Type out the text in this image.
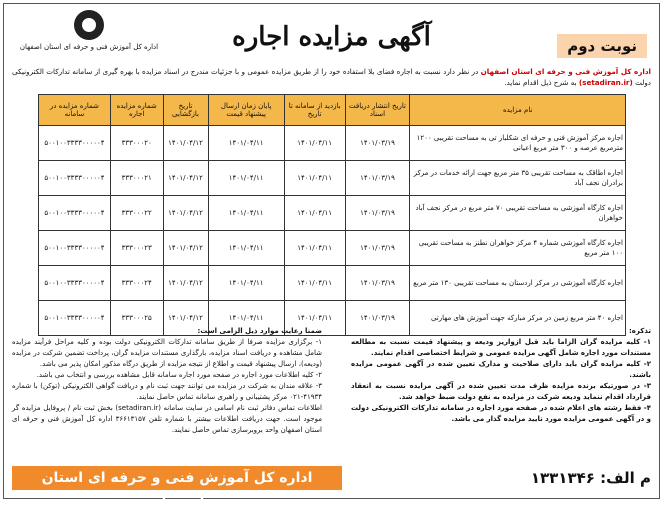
نوبت دوم
آگهی مزایده اجاره
اداره کل آموزش فنی و حرفه ای استان اصفهان
اداره کل آموزش فنی و حرفه ای استان اصفهان در نظر دارد نسبت به اجاره فضای بلا استفاده خود را از طریق مزایده عمومی و با جزئیات مندرج در اسناد مزایده با بهره گیری از سامانه تدارکات الکترونیکی دولت (setadiran.ir) به شرح ذیل اقدام نماید.
نام مزایده	تاریخ انتشار دریافت اسناد	بازدید از سامانه تا تاریخ	پایان زمان ارسال پیشنهاد قیمت	تاریخ بازگشایی	شماره مزایده اجاره	شماره مزایده در سامانه
اجاره مرکز آموزش فنی و حرفه ای شکلبار تی به مساحت تقریبی ۱۲۰۰ مترمربع عرصه و ۳۰۰ متر مربع اعیانی	۱۴۰۱/۰۳/۱۹	۱۴۰۱/۰۴/۱۱	۱۴۰۱/۰۴/۱۱	۱۴۰۱/۰۴/۱۲	۳۳۳۰۰۰۲۰	۵۰۰۱۰۰۳۳۳۳۰۰۰۰۰۴
اجاره اطاقک به مساحت تقریبی ۳۵ متر مربع جهت ارائه خدمات در مرکز برادران نجف آباد	۱۴۰۱/۰۳/۱۹	۱۴۰۱/۰۴/۱۱	۱۴۰۱/۰۴/۱۱	۱۴۰۱/۰۴/۱۲	۳۳۳۰۰۰۲۱	۵۰۰۱۰۰۳۳۳۳۰۰۰۰۰۴
اجاره کارگاه آموزشی به مساحت تقریبی ۷۰ متر مربع در مرکز نجف آباد خواهران	۱۴۰۱/۰۳/۱۹	۱۴۰۱/۰۴/۱۱	۱۴۰۱/۰۴/۱۱	۱۴۰۱/۰۴/۱۲	۳۳۳۰۰۰۲۲	۵۰۰۱۰۰۳۳۳۳۰۰۰۰۰۴
اجاره کارگاه آموزشی شماره ۴ مرکز خواهران نطنز به مساحت تقریبی ۱۰۰ متر مربع	۱۴۰۱/۰۳/۱۹	۱۴۰۱/۰۴/۱۱	۱۴۰۱/۰۴/۱۱	۱۴۰۱/۰۴/۱۲	۳۳۳۰۰۰۲۳	۵۰۰۱۰۰۳۳۳۳۰۰۰۰۰۴
اجاره کارگاه آموزشی در مرکز اردستان به مساحت تقریبی ۱۳۰ متر مربع	۱۴۰۱/۰۳/۱۹	۱۴۰۱/۰۴/۱۱	۱۴۰۱/۰۴/۱۱	۱۴۰۱/۰۴/۱۲	۳۳۳۰۰۰۲۴	۵۰۰۱۰۰۳۳۳۳۰۰۰۰۰۴
اجاره ۴۰ متر مربع زمین در مرکز مبارکه جهت آموزش های مهارتی	۱۴۰۱/۰۳/۱۹	۱۴۰۱/۰۴/۱۱	۱۴۰۱/۰۴/۱۱	۱۴۰۱/۰۴/۱۲	۳۳۳۰۰۰۲۵	۵۰۰۱۰۰۳۳۳۳۰۰۰۰۰۴
تذکره:
۱- کلیه مزایده گران الزاما باید قبل ازواریز ودیعه و پیشنهاد قیمت نسبت به مطالعه مستندات مورد اجاره شامل آگهی مزایده عمومی و شرایط اختصاصی اقدام نمایند.
۲- کلیه مزایده گران باید دارای صلاحیت و مدارک تعیین شده در آگهی عمومی مزایده باشند.
۳- در صورتیکه برنده مزایده ظرف مدت تعیین شده در آگهی مزایده نسبت به انعقاد قرارداد اقدام ننماید ودیعه شرکت در مزایده به نفع دولت ضبط خواهد شد.
۴- فقط رشته های اعلام شده در صفحه مورد اجاره در سامانه تدارکات الکترونیکی دولت و در آگهی عمومی مزایده مورد تایید مزایده گذار می باشد.
ضمنا رعایت موارد ذیل الزامی است:
۱- برگزاری مزایده صرفا از طریق سامانه تدارکات الکترونیکی دولت بوده و کلیه مراحل فرآیند مزایده شامل مشاهده و دریافت اسناد مزایده، بارگذاری مستندات مزایده گران، پرداخت تضمین شرکت در مزایده (ودیعه)، ارسال پیشنهاد قیمت و اطلاع از نتیجه مزایده از طریق درگاه مذکور امکان پذیر می باشد.
۲- کلیه اطلاعات مورد اجاره در صفحه مورد اجاره سامانه قابل مشاهده بررسی و انتخاب می باشد.
۳- علاقه مندان به شرکت در مزایده می توانند جهت ثبت نام و دریافت گواهی الکترونیکی (توکن) با شماره ۴۱۹۳۴-۰۲۱ مرکز پشتیبانی و راهبری سامانه تماس حاصل نمایند.
اطلاعات تماس دفاتر ثبت نام اسامی در سایت سامانه (setadiran.ir) بخش ثبت نام / پروفایل مزایده گر موجود است. جهت دریافت اطلاعات بیشتر با شماره تلفن ۳۶۶۱۳۱۵۷ اداره کل آموزش فنی و حرفه ای استان اصفهان واحد بروبرسازی تماس حاصل نمایند.
م الف: ۱۳۳۱۳۴۶
اداره کل آموزش فنی و حرفه ای استان اصفهان
